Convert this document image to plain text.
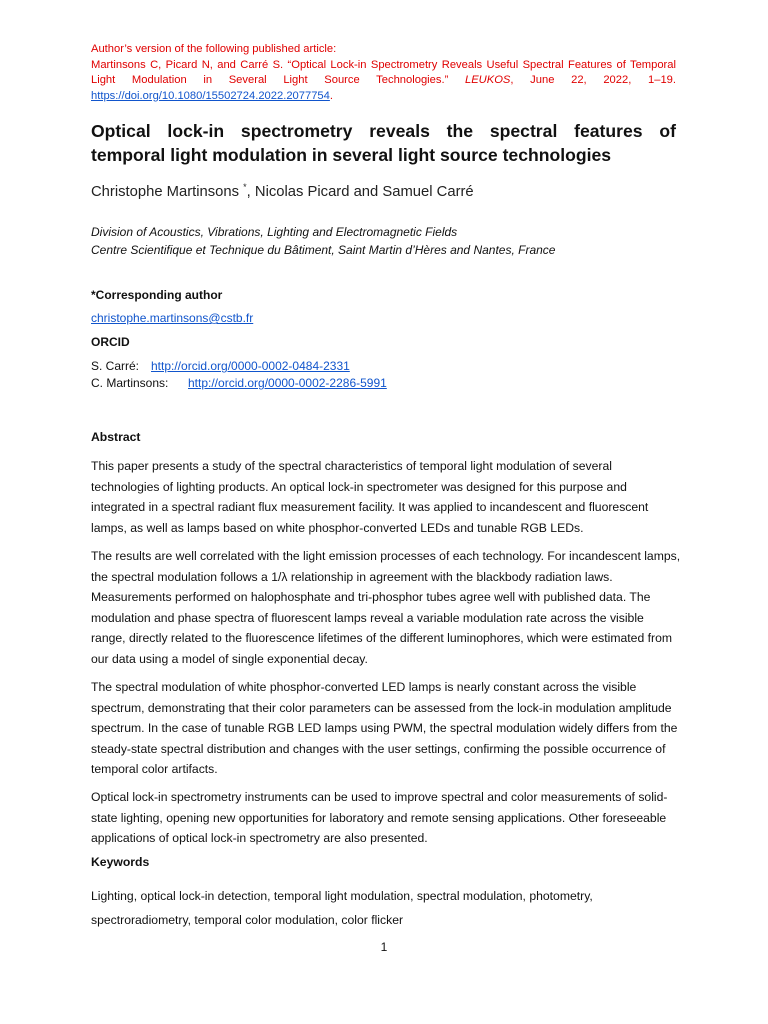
Author’s version of the following published article:
Martinsons C, Picard N, and Carré S. “Optical Lock-in Spectrometry Reveals Useful Spectral Features of Temporal
Light Modulation in Several Light Source Technologies.” LEUKOS, June 22, 2022, 1–19.
https://doi.org/10.1080/15502724.2022.2077754.
Optical lock-in spectrometry reveals the spectral features of
temporal light modulation in several light source technologies
Christophe Martinsons *, Nicolas Picard and Samuel Carré
Division of Acoustics, Vibrations, Lighting and Electromagnetic Fields
Centre Scientifique et Technique du Bâtiment, Saint Martin d’Hères and Nantes, France
*Corresponding author
christophe.martinsons@cstb.fr
ORCID
S. Carré: http://orcid.org/0000-0002-0484-2331
C. Martinsons: http://orcid.org/0000-0002-2286-5991
Abstract
This paper presents a study of the spectral characteristics of temporal light modulation of several technologies of lighting products. An optical lock-in spectrometer was designed for this purpose and integrated in a spectral radiant flux measurement facility. It was applied to incandescent and fluorescent lamps, as well as lamps based on white phosphor-converted LEDs and tunable RGB LEDs.
The results are well correlated with the light emission processes of each technology. For incandescent lamps, the spectral modulation follows a 1/λ relationship in agreement with the blackbody radiation laws. Measurements performed on halophosphate and tri-phosphor tubes agree well with published data. The modulation and phase spectra of fluorescent lamps reveal a variable modulation rate across the visible range, directly related to the fluorescence lifetimes of the different luminophores, which were estimated from our data using a model of single exponential decay.
The spectral modulation of white phosphor-converted LED lamps is nearly constant across the visible spectrum, demonstrating that their color parameters can be assessed from the lock-in modulation amplitude spectrum. In the case of tunable RGB LED lamps using PWM, the spectral modulation widely differs from the steady-state spectral distribution and changes with the user settings, confirming the possible occurrence of temporal color artifacts.
Optical lock-in spectrometry instruments can be used to improve spectral and color measurements of solid-state lighting, opening new opportunities for laboratory and remote sensing applications. Other foreseeable applications of optical lock-in spectrometry are also presented.
Keywords
Lighting, optical lock-in detection, temporal light modulation, spectral modulation, photometry, spectroradiometry, temporal color modulation, color flicker
1
